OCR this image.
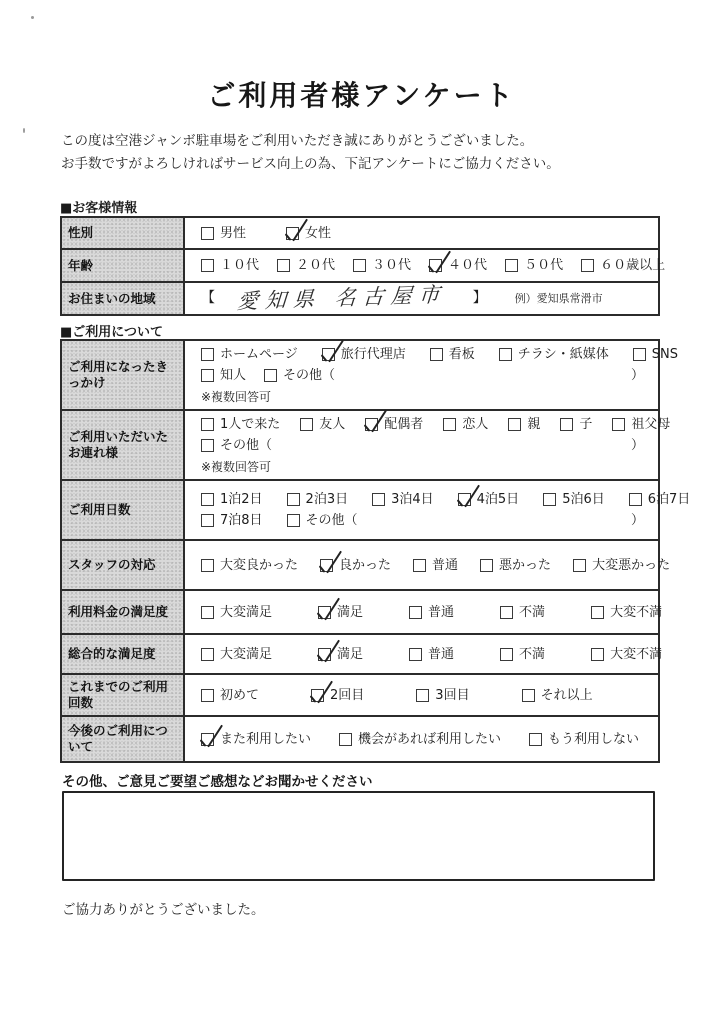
ご利用者様アンケート
この度は空港ジャンボ駐車場をご利用いただき誠にありがとうございました。
お手数ですがよろしければサービス向上の為、下記アンケートにご協力ください。
■お客様情報
性別	男性 女性

年齢	１０代	２０代	３０代	４０代	５０代	６０歳以上

お住まいの地域	【 愛知県 名古屋市 】 例）愛知県常滑市
■ご利用について
ご利用になったきっかけ	
ホームページ	旅行代理店	看板	チラシ・紙媒体	SNS
知人	その他（	）
※複数回答可

ご利用いただいたお連れ様	
1人で来た	友人	配偶者	恋人	親	子	祖父母
その他（	）
※複数回答可

ご利用日数	
1泊2日	2泊3日	3泊4日	4泊5日	5泊6日	6泊7日
7泊8日	その他（	）

スタッフの対応	大変良かった 良かった 普通 悪かった 大変悪かった

利用料金の満足度	大変満足 満足 普通 不満 大変不満

総合的な満足度	大変満足 満足 普通 不満 大変不満

これまでのご利用回数	初めて 2回目 3回目 それ以上

今後のご利用について	また利用したい 機会があれば利用したい もう利用しない
その他、ご意見ご要望ご感想などお聞かせください
ご協力ありがとうございました。
